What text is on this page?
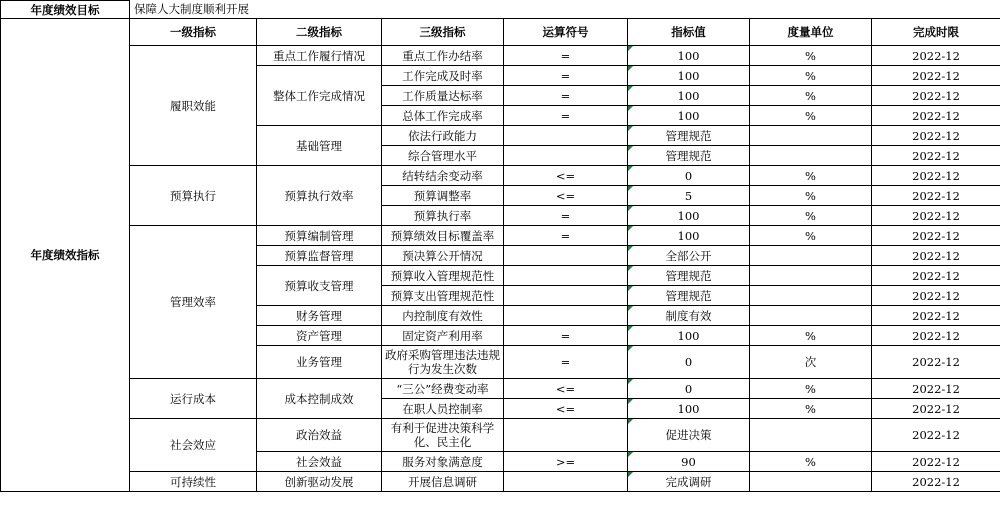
年度绩效目标	保障人大制度顺利开展						
年度绩效指标	一级指标	二级指标	三级指标	运算符号	指标值	度量单位	完成时限
	履职效能	重点工作履行情况	重点工作办结率	=	100	%	2022-12
		整体工作完成情况	工作完成及时率	=	100	%	2022-12
			工作质量达标率	=	100	%	2022-12
			总体工作完成率	=	100	%	2022-12
		基础管理	依法行政能力		管理规范		2022-12
			综合管理水平		管理规范		2022-12
	预算执行	预算执行效率	结转结余变动率	<=	0	%	2022-12
			预算调整率	<=	5	%	2022-12
			预算执行率	=	100	%	2022-12
	管理效率	预算编制管理	预算绩效目标覆盖率	=	100	%	2022-12
		预算监督管理	预决算公开情况		全部公开		2022-12
		预算收支管理	预算收入管理规范性		管理规范		2022-12
			预算支出管理规范性		管理规范		2022-12
		财务管理	内控制度有效性		制度有效		2022-12
		资产管理	固定资产利用率	=	100	%	2022-12
		业务管理	政府采购管理违法违规行为发生次数	=	0	次	2022-12
	运行成本	成本控制成效	“三公”经费变动率	<=	0	%	2022-12
			在职人员控制率	<=	100	%	2022-12
	社会效应	政治效益	有利于促进决策科学化、民主化		促进决策		2022-12
		社会效益	服务对象满意度	>=	90	%	2022-12
	可持续性	创新驱动发展	开展信息调研		完成调研		2022-12
